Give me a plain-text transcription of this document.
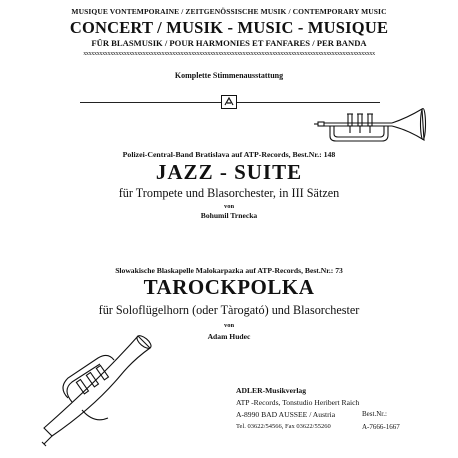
MUSIQUE VONTEMPORAINE / ZEITGENÖSSISCHE MUSIK / CONTEMPORARY MUSIC
CONCERT / MUSIK - MUSIC - MUSIQUE
FÜR BLASMUSIK / POUR HARMONIES ET FANFARES / PER BANDA
xxxxxxxxxxxxxxxxxxxxxxxxxxxxxxxxxxxxxxxxxxxxxxxxxxxxxxxxxxxxxxxxxxxxxxxxxxxxxxxxxxxxxxxxxxxxxxxxxxxxxxxxxxxx
Komplette Stimmenausstattung
Polizei-Central-Band Bratislava auf ATP-Records, Best.Nr.: 148
JAZZ - SUITE
für Trompete und Blasorchester, in III Sätzen
von
Bohumil Trnecka
Slowakische Blaskapelle Malokarpazka auf ATP-Records, Best.Nr.: 73
TAROCKPOLKA
für Soloflügelhorn (oder Tàrogató) und Blasorchester
von
Adam Hudec
ADLER-Musikverlag
ATP -Records, Tonstudio Heribert Raich
A-8990 BAD AUSSEE / Austria
Tel. 03622/54566, Fax 03622/55260
Best.Nr.:
A-7666-1667
